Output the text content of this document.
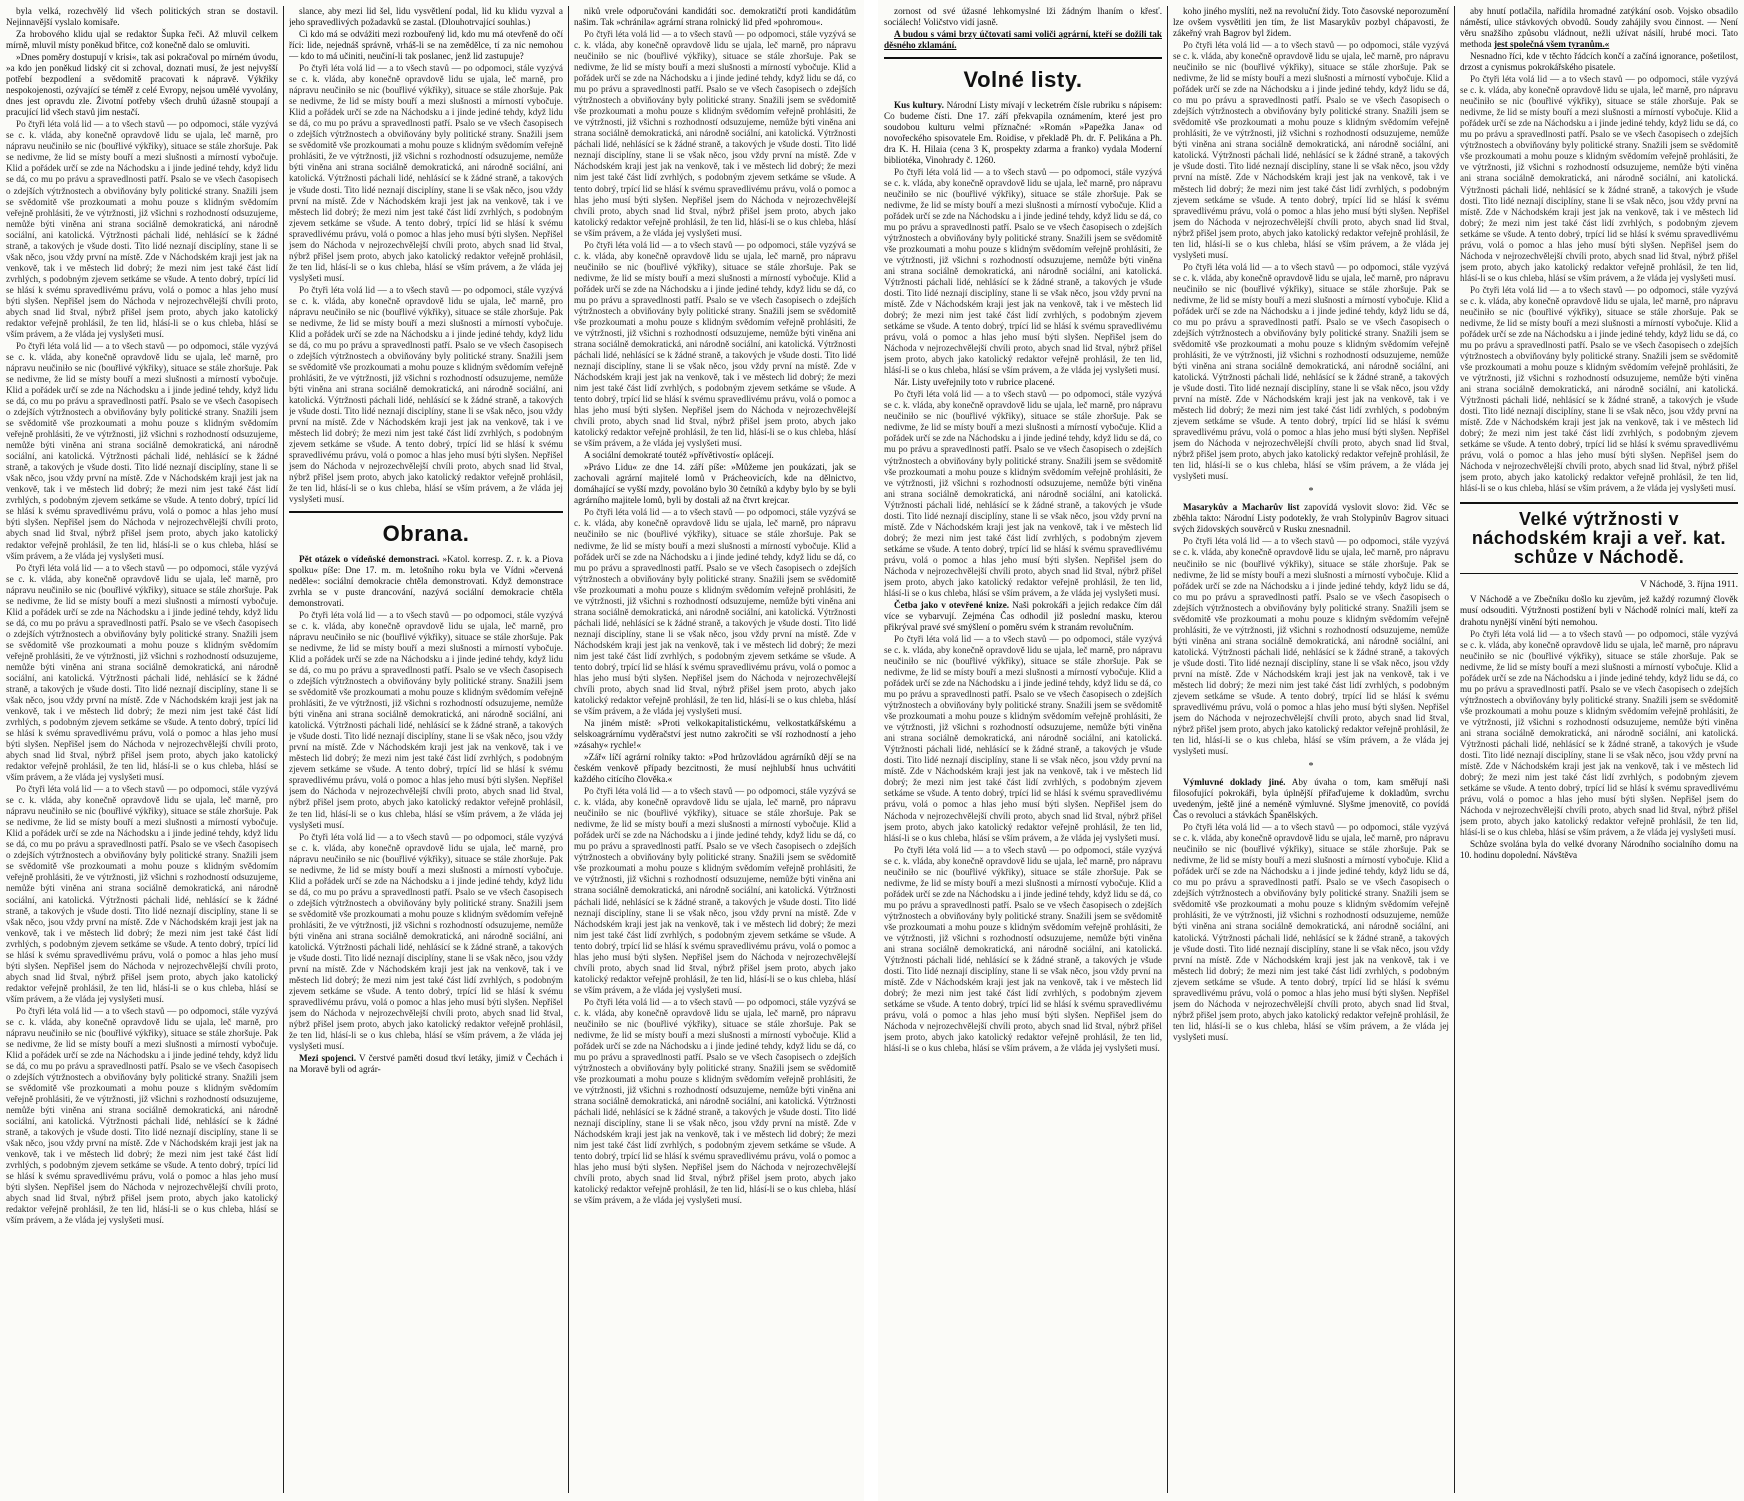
byla velká, rozechvělý lid všech politických stran se dostavil. Nejinnavější vyslalo komisaře.

Za hrobového klidu ujal se redaktor Šupka řeči. Až mluvil celkem mírně, mluvil místy poněkud břitce, což konečně dalo se omluviti.

»Dnes poměry dostupují v krisi«, tak asi pokračoval po mírném úvodu, »a kdo jen poněkud lidský cit si zchoval, doznati musí, že jest nejvyšší potřebí bezpodlení a svědomitě pracovati k nápravě. Výkřiky nespokojenosti, ozývající se téměř z celé Evropy, nejsou umělé vyvolány, dnes jest opravdu zle. Životní potřeby všech druhů úžasně stoupají a pracující lid všech stavů jim nestačí.

Po čtyři léta volá lid — a to všech stavů — po odpomoci, stále vyzývá se c. k. vláda, aby konečně opravdově lidu se ujala, leč marně, pro nápravu neučiniło se nic (bouřlivé výkřiky), situace se stále zhoršuje. Pak se nedivme, že lid se místy bouří a mezi slušnosti a mírností vybočuje. Klid a pořádek určí se zde na Náchodsku a i jinde jediné tehdy, když lidu se dá, co mu po právu a spravedlnosti patří. Psalo se ve všech časopisech o zdejších výtržnostech a obviňovány byly politické strany. Snažili jsem se svědomitě vše prozkoumati a mohu pouze s klidným svědomím veřejně prohlásiti, že ve výtržnosti, již všichni s rozhodností odsuzujeme, nemůže býti viněna ani strana sociálně demokratická, ani národně sociální, ani katolická. Výtržnosti páchali lidé, nehlásící se k žádné straně, a takových je všude dosti. Tito lidé neznají disciplíny, stane li se však něco, jsou vždy první na místě. Zde v Náchodském kraji jest jak na venkově, tak i ve městech lid dobrý; že mezi nim jest také část lidí zvrhlých, s podobným zjevem setkáme se všude. A tento dobrý, trpící lid se hlásí k svému spravedlivému právu, volá o pomoc a hlas jeho musí býti slyšen. Nepřišel jsem do Náchoda v nejrozechvělejší chvíli proto, abych snad lid štval, nýbrž přišel jsem proto, abych jako katolický redaktor veřejně prohlásil, že ten lid, hlásí-li se o kus chleba, hlásí se vším právem, a že vláda jej vyslyšeti musí.

Po čtyři léta volá lid — a to všech stavů — po odpomoci, stále vyzývá se c. k. vláda, aby konečně opravdově lidu se ujala, leč marně, pro nápravu neučiniło se nic (bouřlivé výkřiky), situace se stále zhoršuje. Pak se nedivme, že lid se místy bouří a mezi slušnosti a mírností vybočuje. Klid a pořádek určí se zde na Náchodsku a i jinde jediné tehdy, když lidu se dá, co mu po právu a spravedlnosti patří. Psalo se ve všech časopisech o zdejších výtržnostech a obviňovány byly politické strany. Snažili jsem se svědomitě vše prozkoumati a mohu pouze s klidným svědomím veřejně prohlásiti, že ve výtržnosti, již všichni s rozhodností odsuzujeme, nemůže býti viněna ani strana sociálně demokratická, ani národně sociální, ani katolická. Výtržnosti páchali lidé, nehlásící se k žádné straně, a takových je všude dosti. Tito lidé neznají disciplíny, stane li se však něco, jsou vždy první na místě. Zde v Náchodském kraji jest jak na venkově, tak i ve městech lid dobrý; že mezi nim jest také část lidí zvrhlých, s podobným zjevem setkáme se všude. A tento dobrý, trpící lid se hlásí k svému spravedlivému právu, volá o pomoc a hlas jeho musí býti slyšen. Nepřišel jsem do Náchoda v nejrozechvělejší chvíli proto, abych snad lid štval, nýbrž přišel jsem proto, abych jako katolický redaktor veřejně prohlásil, že ten lid, hlásí-li se o kus chleba, hlásí se vším právem, a že vláda jej vyslyšeti musí.

Po čtyři léta volá lid — a to všech stavů — po odpomoci, stále vyzývá se c. k. vláda, aby konečně opravdově lidu se ujala, leč marně, pro nápravu neučiniło se nic (bouřlivé výkřiky), situace se stále zhoršuje. Pak se nedivme, že lid se místy bouří a mezi slušnosti a mírností vybočuje. Klid a pořádek určí se zde na Náchodsku a i jinde jediné tehdy, když lidu se dá, co mu po právu a spravedlnosti patří. Psalo se ve všech časopisech o zdejších výtržnostech a obviňovány byly politické strany. Snažili jsem se svědomitě vše prozkoumati a mohu pouze s klidným svědomím veřejně prohlásiti, že ve výtržnosti, již všichni s rozhodností odsuzujeme, nemůže býti viněna ani strana sociálně demokratická, ani národně sociální, ani katolická. Výtržnosti páchali lidé, nehlásící se k žádné straně, a takových je všude dosti. Tito lidé neznají disciplíny, stane li se však něco, jsou vždy první na místě. Zde v Náchodském kraji jest jak na venkově, tak i ve městech lid dobrý; že mezi nim jest také část lidí zvrhlých, s podobným zjevem setkáme se všude. A tento dobrý, trpící lid se hlásí k svému spravedlivému právu, volá o pomoc a hlas jeho musí býti slyšen. Nepřišel jsem do Náchoda v nejrozechvělejší chvíli proto, abych snad lid štval, nýbrž přišel jsem proto, abych jako katolický redaktor veřejně prohlásil, že ten lid, hlásí-li se o kus chleba, hlásí se vším právem, a že vláda jej vyslyšeti musí.

Po čtyři léta volá lid — a to všech stavů — po odpomoci, stále vyzývá se c. k. vláda, aby konečně opravdově lidu se ujala, leč marně, pro nápravu neučiniło se nic (bouřlivé výkřiky), situace se stále zhoršuje. Pak se nedivme, že lid se místy bouří a mezi slušnosti a mírností vybočuje. Klid a pořádek určí se zde na Náchodsku a i jinde jediné tehdy, když lidu se dá, co mu po právu a spravedlnosti patří. Psalo se ve všech časopisech o zdejších výtržnostech a obviňovány byly politické strany. Snažili jsem se svědomitě vše prozkoumati a mohu pouze s klidným svědomím veřejně prohlásiti, že ve výtržnosti, již všichni s rozhodností odsuzujeme, nemůže býti viněna ani strana sociálně demokratická, ani národně sociální, ani katolická. Výtržnosti páchali lidé, nehlásící se k žádné straně, a takových je všude dosti. Tito lidé neznají disciplíny, stane li se však něco, jsou vždy první na místě. Zde v Náchodském kraji jest jak na venkově, tak i ve městech lid dobrý; že mezi nim jest také část lidí zvrhlých, s podobným zjevem setkáme se všude. A tento dobrý, trpící lid se hlásí k svému spravedlivému právu, volá o pomoc a hlas jeho musí býti slyšen. Nepřišel jsem do Náchoda v nejrozechvělejší chvíli proto, abych snad lid štval, nýbrž přišel jsem proto, abych jako katolický redaktor veřejně prohlásil, že ten lid, hlásí-li se o kus chleba, hlásí se vším právem, a že vláda jej vyslyšeti musí.

Po čtyři léta volá lid — a to všech stavů — po odpomoci, stále vyzývá se c. k. vláda, aby konečně opravdově lidu se ujala, leč marně, pro nápravu neučiniło se nic (bouřlivé výkřiky), situace se stále zhoršuje. Pak se nedivme, že lid se místy bouří a mezi slušnosti a mírností vybočuje. Klid a pořádek určí se zde na Náchodsku a i jinde jediné tehdy, když lidu se dá, co mu po právu a spravedlnosti patří. Psalo se ve všech časopisech o zdejších výtržnostech a obviňovány byly politické strany. Snažili jsem se svědomitě vše prozkoumati a mohu pouze s klidným svědomím veřejně prohlásiti, že ve výtržnosti, již všichni s rozhodností odsuzujeme, nemůže býti viněna ani strana sociálně demokratická, ani národně sociální, ani katolická. Výtržnosti páchali lidé, nehlásící se k žádné straně, a takových je všude dosti. Tito lidé neznají disciplíny, stane li se však něco, jsou vždy první na místě. Zde v Náchodském kraji jest jak na venkově, tak i ve městech lid dobrý; že mezi nim jest také část lidí zvrhlých, s podobným zjevem setkáme se všude. A tento dobrý, trpící lid se hlásí k svému spravedlivému právu, volá o pomoc a hlas jeho musí býti slyšen. Nepřišel jsem do Náchoda v nejrozechvělejší chvíli proto, abych snad lid štval, nýbrž přišel jsem proto, abych jako katolický redaktor veřejně prohlásil, že ten lid, hlásí-li se o kus chleba, hlásí se vším právem, a že vláda jej vyslyšeti musí.

slance, aby mezi lid šel, lidu vysvětlení podal, lid ku klidu vyzval a jeho spravedlivých požadavků se zastal. (Dlouhotrvající souhlas.)

Ci kdo má se odvážiti mezi rozbouřený lid, kdo mu má otevřeně do očí říci: lide, nejednáš správně, vrháš-li se na zemědělce, tí za nic nemohou — kdo to má učiniti, neučiní-li tak poslanec, jenž lid zastupuje?

Po čtyři léta volá lid — a to všech stavů — po odpomoci, stále vyzývá se c. k. vláda, aby konečně opravdově lidu se ujala, leč marně, pro nápravu neučiniło se nic (bouřlivé výkřiky), situace se stále zhoršuje. Pak se nedivme, že lid se místy bouří a mezi slušnosti a mírností vybočuje. Klid a pořádek určí se zde na Náchodsku a i jinde jediné tehdy, když lidu se dá, co mu po právu a spravedlnosti patří. Psalo se ve všech časopisech o zdejších výtržnostech a obviňovány byly politické strany. Snažili jsem se svědomitě vše prozkoumati a mohu pouze s klidným svědomím veřejně prohlásiti, že ve výtržnosti, již všichni s rozhodností odsuzujeme, nemůže býti viněna ani strana sociálně demokratická, ani národně sociální, ani katolická. Výtržnosti páchali lidé, nehlásící se k žádné straně, a takových je všude dosti. Tito lidé neznají disciplíny, stane li se však něco, jsou vždy první na místě. Zde v Náchodském kraji jest jak na venkově, tak i ve městech lid dobrý; že mezi nim jest také část lidí zvrhlých, s podobným zjevem setkáme se všude. A tento dobrý, trpící lid se hlásí k svému spravedlivému právu, volá o pomoc a hlas jeho musí býti slyšen. Nepřišel jsem do Náchoda v nejrozechvělejší chvíli proto, abych snad lid štval, nýbrž přišel jsem proto, abych jako katolický redaktor veřejně prohlásil, že ten lid, hlásí-li se o kus chleba, hlásí se vším právem, a že vláda jej vyslyšeti musí.

Po čtyři léta volá lid — a to všech stavů — po odpomoci, stále vyzývá se c. k. vláda, aby konečně opravdově lidu se ujala, leč marně, pro nápravu neučiniło se nic (bouřlivé výkřiky), situace se stále zhoršuje. Pak se nedivme, že lid se místy bouří a mezi slušnosti a mírností vybočuje. Klid a pořádek určí se zde na Náchodsku a i jinde jediné tehdy, když lidu se dá, co mu po právu a spravedlnosti patří. Psalo se ve všech časopisech o zdejších výtržnostech a obviňovány byly politické strany. Snažili jsem se svědomitě vše prozkoumati a mohu pouze s klidným svědomím veřejně prohlásiti, že ve výtržnosti, již všichni s rozhodností odsuzujeme, nemůže býti viněna ani strana sociálně demokratická, ani národně sociální, ani katolická. Výtržnosti páchali lidé, nehlásící se k žádné straně, a takových je všude dosti. Tito lidé neznají disciplíny, stane li se však něco, jsou vždy první na místě. Zde v Náchodském kraji jest jak na venkově, tak i ve městech lid dobrý; že mezi nim jest také část lidí zvrhlých, s podobným zjevem setkáme se všude. A tento dobrý, trpící lid se hlásí k svému spravedlivému právu, volá o pomoc a hlas jeho musí býti slyšen. Nepřišel jsem do Náchoda v nejrozechvělejší chvíli proto, abych snad lid štval, nýbrž přišel jsem proto, abych jako katolický redaktor veřejně prohlásil, že ten lid, hlásí-li se o kus chleba, hlásí se vším právem, a že vláda jej vyslyšeti musí.

Obrana.

Pět otázek o vídeňské demonstraci. »Katol. korresp. Z. r. k. a Piova spolku« píše: Dne 17. m. m. letošního roku byla ve Vídni »červená neděle«: sociální demokracie chtěla demonstrovati. Když demonstrace zvrhla se v puste drancování, nazývá sociální demokracie chtěla demonstrovati.

Po čtyři léta volá lid — a to všech stavů — po odpomoci, stále vyzývá se c. k. vláda, aby konečně opravdově lidu se ujala, leč marně, pro nápravu neučiniło se nic (bouřlivé výkřiky), situace se stále zhoršuje. Pak se nedivme, že lid se místy bouří a mezi slušnosti a mírností vybočuje. Klid a pořádek určí se zde na Náchodsku a i jinde jediné tehdy, když lidu se dá, co mu po právu a spravedlnosti patří. Psalo se ve všech časopisech o zdejších výtržnostech a obviňovány byly politické strany. Snažili jsem se svědomitě vše prozkoumati a mohu pouze s klidným svědomím veřejně prohlásiti, že ve výtržnosti, již všichni s rozhodností odsuzujeme, nemůže býti viněna ani strana sociálně demokratická, ani národně sociální, ani katolická. Výtržnosti páchali lidé, nehlásící se k žádné straně, a takových je všude dosti. Tito lidé neznají disciplíny, stane li se však něco, jsou vždy první na místě. Zde v Náchodském kraji jest jak na venkově, tak i ve městech lid dobrý; že mezi nim jest také část lidí zvrhlých, s podobným zjevem setkáme se všude. A tento dobrý, trpící lid se hlásí k svému spravedlivému právu, volá o pomoc a hlas jeho musí býti slyšen. Nepřišel jsem do Náchoda v nejrozechvělejší chvíli proto, abych snad lid štval, nýbrž přišel jsem proto, abych jako katolický redaktor veřejně prohlásil, že ten lid, hlásí-li se o kus chleba, hlásí se vším právem, a že vláda jej vyslyšeti musí.

Po čtyři léta volá lid — a to všech stavů — po odpomoci, stále vyzývá se c. k. vláda, aby konečně opravdově lidu se ujala, leč marně, pro nápravu neučiniło se nic (bouřlivé výkřiky), situace se stále zhoršuje. Pak se nedivme, že lid se místy bouří a mezi slušnosti a mírností vybočuje. Klid a pořádek určí se zde na Náchodsku a i jinde jediné tehdy, když lidu se dá, co mu po právu a spravedlnosti patří. Psalo se ve všech časopisech o zdejších výtržnostech a obviňovány byly politické strany. Snažili jsem se svědomitě vše prozkoumati a mohu pouze s klidným svědomím veřejně prohlásiti, že ve výtržnosti, již všichni s rozhodností odsuzujeme, nemůže býti viněna ani strana sociálně demokratická, ani národně sociální, ani katolická. Výtržnosti páchali lidé, nehlásící se k žádné straně, a takových je všude dosti. Tito lidé neznají disciplíny, stane li se však něco, jsou vždy první na místě. Zde v Náchodském kraji jest jak na venkově, tak i ve městech lid dobrý; že mezi nim jest také část lidí zvrhlých, s podobným zjevem setkáme se všude. A tento dobrý, trpící lid se hlásí k svému spravedlivému právu, volá o pomoc a hlas jeho musí býti slyšen. Nepřišel jsem do Náchoda v nejrozechvělejší chvíli proto, abych snad lid štval, nýbrž přišel jsem proto, abych jako katolický redaktor veřejně prohlásil, že ten lid, hlásí-li se o kus chleba, hlásí se vším právem, a že vláda jej vyslyšeti musí.

Mezi spojenci. V čerstvé paměti dosud tkví letáky, jimiž v Čechách i na Moravě byli od agrár-

niků vrele odporučováni kandidáti soc. demokratičtí proti kandidátům našim. Tak »chránila« agrární strana rolnický lid před »pohromou«.

Po čtyři léta volá lid — a to všech stavů — po odpomoci, stále vyzývá se c. k. vláda, aby konečně opravdově lidu se ujala, leč marně, pro nápravu neučiniło se nic (bouřlivé výkřiky), situace se stále zhoršuje. Pak se nedivme, že lid se místy bouří a mezi slušnosti a mírností vybočuje. Klid a pořádek určí se zde na Náchodsku a i jinde jediné tehdy, když lidu se dá, co mu po právu a spravedlnosti patří. Psalo se ve všech časopisech o zdejších výtržnostech a obviňovány byly politické strany. Snažili jsem se svědomitě vše prozkoumati a mohu pouze s klidným svědomím veřejně prohlásiti, že ve výtržnosti, již všichni s rozhodností odsuzujeme, nemůže býti viněna ani strana sociálně demokratická, ani národně sociální, ani katolická. Výtržnosti páchali lidé, nehlásící se k žádné straně, a takových je všude dosti. Tito lidé neznají disciplíny, stane li se však něco, jsou vždy první na místě. Zde v Náchodském kraji jest jak na venkově, tak i ve městech lid dobrý; že mezi nim jest také část lidí zvrhlých, s podobným zjevem setkáme se všude. A tento dobrý, trpící lid se hlásí k svému spravedlivému právu, volá o pomoc a hlas jeho musí býti slyšen. Nepřišel jsem do Náchoda v nejrozechvělejší chvíli proto, abych snad lid štval, nýbrž přišel jsem proto, abych jako katolický redaktor veřejně prohlásil, že ten lid, hlásí-li se o kus chleba, hlásí se vším právem, a že vláda jej vyslyšeti musí.

Po čtyři léta volá lid — a to všech stavů — po odpomoci, stále vyzývá se c. k. vláda, aby konečně opravdově lidu se ujala, leč marně, pro nápravu neučiniło se nic (bouřlivé výkřiky), situace se stále zhoršuje. Pak se nedivme, že lid se místy bouří a mezi slušnosti a mírností vybočuje. Klid a pořádek určí se zde na Náchodsku a i jinde jediné tehdy, když lidu se dá, co mu po právu a spravedlnosti patří. Psalo se ve všech časopisech o zdejších výtržnostech a obviňovány byly politické strany. Snažili jsem se svědomitě vše prozkoumati a mohu pouze s klidným svědomím veřejně prohlásiti, že ve výtržnosti, již všichni s rozhodností odsuzujeme, nemůže býti viněna ani strana sociálně demokratická, ani národně sociální, ani katolická. Výtržnosti páchali lidé, nehlásící se k žádné straně, a takových je všude dosti. Tito lidé neznají disciplíny, stane li se však něco, jsou vždy první na místě. Zde v Náchodském kraji jest jak na venkově, tak i ve městech lid dobrý; že mezi nim jest také část lidí zvrhlých, s podobným zjevem setkáme se všude. A tento dobrý, trpící lid se hlásí k svému spravedlivému právu, volá o pomoc a hlas jeho musí býti slyšen. Nepřišel jsem do Náchoda v nejrozechvělejší chvíli proto, abych snad lid štval, nýbrž přišel jsem proto, abych jako katolický redaktor veřejně prohlásil, že ten lid, hlásí-li se o kus chleba, hlásí se vším právem, a že vláda jej vyslyšeti musí.

A sociální demokraté toutéž »přívětivostí« oplácejí.

»Právo Lidu« ze dne 14. září píše: »Můžeme jen poukázati, jak se zachovali agrární majitelé lomů v Prácheovicích, kde na dělnictvo, domáhající se vyšší mzdy, povoláno bylo 30 četníků a kdyby bylo by se byli agrárního majitele lomů, byli by dostali až na čtvrt krejcar.

Po čtyři léta volá lid — a to všech stavů — po odpomoci, stále vyzývá se c. k. vláda, aby konečně opravdově lidu se ujala, leč marně, pro nápravu neučiniło se nic (bouřlivé výkřiky), situace se stále zhoršuje. Pak se nedivme, že lid se místy bouří a mezi slušnosti a mírností vybočuje. Klid a pořádek určí se zde na Náchodsku a i jinde jediné tehdy, když lidu se dá, co mu po právu a spravedlnosti patří. Psalo se ve všech časopisech o zdejších výtržnostech a obviňovány byly politické strany. Snažili jsem se svědomitě vše prozkoumati a mohu pouze s klidným svědomím veřejně prohlásiti, že ve výtržnosti, již všichni s rozhodností odsuzujeme, nemůže býti viněna ani strana sociálně demokratická, ani národně sociální, ani katolická. Výtržnosti páchali lidé, nehlásící se k žádné straně, a takových je všude dosti. Tito lidé neznají disciplíny, stane li se však něco, jsou vždy první na místě. Zde v Náchodském kraji jest jak na venkově, tak i ve městech lid dobrý; že mezi nim jest také část lidí zvrhlých, s podobným zjevem setkáme se všude. A tento dobrý, trpící lid se hlásí k svému spravedlivému právu, volá o pomoc a hlas jeho musí býti slyšen. Nepřišel jsem do Náchoda v nejrozechvělejší chvíli proto, abych snad lid štval, nýbrž přišel jsem proto, abych jako katolický redaktor veřejně prohlásil, že ten lid, hlásí-li se o kus chleba, hlásí se vším právem, a že vláda jej vyslyšeti musí.

Na jiném místě: »Proti velkokapitalistickému, velkostatkářskému a selskoagrárnímu vyděračství jest nutno zakročiti se vší rozhodností a jeho »zásahy« rychle!«

»Zář« líčí agrární rolníky takto: »Pod hrůzovládou agrárníků dějí se na českém venkově případy bezcitnosti, že musí nejhlubší hnus uchvátiti každého citícího člověka.«

Po čtyři léta volá lid — a to všech stavů — po odpomoci, stále vyzývá se c. k. vláda, aby konečně opravdově lidu se ujala, leč marně, pro nápravu neučiniło se nic (bouřlivé výkřiky), situace se stále zhoršuje. Pak se nedivme, že lid se místy bouří a mezi slušnosti a mírností vybočuje. Klid a pořádek určí se zde na Náchodsku a i jinde jediné tehdy, když lidu se dá, co mu po právu a spravedlnosti patří. Psalo se ve všech časopisech o zdejších výtržnostech a obviňovány byly politické strany. Snažili jsem se svědomitě vše prozkoumati a mohu pouze s klidným svědomím veřejně prohlásiti, že ve výtržnosti, již všichni s rozhodností odsuzujeme, nemůže býti viněna ani strana sociálně demokratická, ani národně sociální, ani katolická. Výtržnosti páchali lidé, nehlásící se k žádné straně, a takových je všude dosti. Tito lidé neznají disciplíny, stane li se však něco, jsou vždy první na místě. Zde v Náchodském kraji jest jak na venkově, tak i ve městech lid dobrý; že mezi nim jest také část lidí zvrhlých, s podobným zjevem setkáme se všude. A tento dobrý, trpící lid se hlásí k svému spravedlivému právu, volá o pomoc a hlas jeho musí býti slyšen. Nepřišel jsem do Náchoda v nejrozechvělejší chvíli proto, abych snad lid štval, nýbrž přišel jsem proto, abych jako katolický redaktor veřejně prohlásil, že ten lid, hlásí-li se o kus chleba, hlásí se vším právem, a že vláda jej vyslyšeti musí.

Po čtyři léta volá lid — a to všech stavů — po odpomoci, stále vyzývá se c. k. vláda, aby konečně opravdově lidu se ujala, leč marně, pro nápravu neučiniło se nic (bouřlivé výkřiky), situace se stále zhoršuje. Pak se nedivme, že lid se místy bouří a mezi slušnosti a mírností vybočuje. Klid a pořádek určí se zde na Náchodsku a i jinde jediné tehdy, když lidu se dá, co mu po právu a spravedlnosti patří. Psalo se ve všech časopisech o zdejších výtržnostech a obviňovány byly politické strany. Snažili jsem se svědomitě vše prozkoumati a mohu pouze s klidným svědomím veřejně prohlásiti, že ve výtržnosti, již všichni s rozhodností odsuzujeme, nemůže býti viněna ani strana sociálně demokratická, ani národně sociální, ani katolická. Výtržnosti páchali lidé, nehlásící se k žádné straně, a takových je všude dosti. Tito lidé neznají disciplíny, stane li se však něco, jsou vždy první na místě. Zde v Náchodském kraji jest jak na venkově, tak i ve městech lid dobrý; že mezi nim jest také část lidí zvrhlých, s podobným zjevem setkáme se všude. A tento dobrý, trpící lid se hlásí k svému spravedlivému právu, volá o pomoc a hlas jeho musí býti slyšen. Nepřišel jsem do Náchoda v nejrozechvělejší chvíli proto, abych snad lid štval, nýbrž přišel jsem proto, abych jako katolický redaktor veřejně prohlásil, že ten lid, hlásí-li se o kus chleba, hlásí se vším právem, a že vláda jej vyslyšeti musí.

zornost od své úžasné lehkomyslné lži žádným lhaním o křesť. sociálech! Voličstvo vidí jasně.

A budou s vámi brzy účtovati sami voliči agrární, kteří se dožili tak děsného zklamání.

Volné listy.

Kus kultury. Národní Listy mívají v lecketrém čísle rubriku s nápisem: Co budeme čísti. Dne 17. září překvapila oznámením, které jest pro soudobou kulturu velmi příznačné: »Román »Papežka Jana« od novořeckého spisovatele Em. Roidise, v překladě Ph. dr. F. Pelikána a Ph. dra K. H. Hilaia (cena 3 K, prospekty zdarma a franko) vydala Moderní bibliotéka, Vinohrady č. 1260.

Po čtyři léta volá lid — a to všech stavů — po odpomoci, stále vyzývá se c. k. vláda, aby konečně opravdově lidu se ujala, leč marně, pro nápravu neučiniło se nic (bouřlivé výkřiky), situace se stále zhoršuje. Pak se nedivme, že lid se místy bouří a mezi slušnosti a mírností vybočuje. Klid a pořádek určí se zde na Náchodsku a i jinde jediné tehdy, když lidu se dá, co mu po právu a spravedlnosti patří. Psalo se ve všech časopisech o zdejších výtržnostech a obviňovány byly politické strany. Snažili jsem se svědomitě vše prozkoumati a mohu pouze s klidným svědomím veřejně prohlásiti, že ve výtržnosti, již všichni s rozhodností odsuzujeme, nemůže býti viněna ani strana sociálně demokratická, ani národně sociální, ani katolická. Výtržnosti páchali lidé, nehlásící se k žádné straně, a takových je všude dosti. Tito lidé neznají disciplíny, stane li se však něco, jsou vždy první na místě. Zde v Náchodském kraji jest jak na venkově, tak i ve městech lid dobrý; že mezi nim jest také část lidí zvrhlých, s podobným zjevem setkáme se všude. A tento dobrý, trpící lid se hlásí k svému spravedlivému právu, volá o pomoc a hlas jeho musí býti slyšen. Nepřišel jsem do Náchoda v nejrozechvělejší chvíli proto, abych snad lid štval, nýbrž přišel jsem proto, abych jako katolický redaktor veřejně prohlásil, že ten lid, hlásí-li se o kus chleba, hlásí se vším právem, a že vláda jej vyslyšeti musí.

Nár. Listy uveřejnily toto v rubrice placené.

Po čtyři léta volá lid — a to všech stavů — po odpomoci, stále vyzývá se c. k. vláda, aby konečně opravdově lidu se ujala, leč marně, pro nápravu neučiniło se nic (bouřlivé výkřiky), situace se stále zhoršuje. Pak se nedivme, že lid se místy bouří a mezi slušnosti a mírností vybočuje. Klid a pořádek určí se zde na Náchodsku a i jinde jediné tehdy, když lidu se dá, co mu po právu a spravedlnosti patří. Psalo se ve všech časopisech o zdejších výtržnostech a obviňovány byly politické strany. Snažili jsem se svědomitě vše prozkoumati a mohu pouze s klidným svědomím veřejně prohlásiti, že ve výtržnosti, již všichni s rozhodností odsuzujeme, nemůže býti viněna ani strana sociálně demokratická, ani národně sociální, ani katolická. Výtržnosti páchali lidé, nehlásící se k žádné straně, a takových je všude dosti. Tito lidé neznají disciplíny, stane li se však něco, jsou vždy první na místě. Zde v Náchodském kraji jest jak na venkově, tak i ve městech lid dobrý; že mezi nim jest také část lidí zvrhlých, s podobným zjevem setkáme se všude. A tento dobrý, trpící lid se hlásí k svému spravedlivému právu, volá o pomoc a hlas jeho musí býti slyšen. Nepřišel jsem do Náchoda v nejrozechvělejší chvíli proto, abych snad lid štval, nýbrž přišel jsem proto, abych jako katolický redaktor veřejně prohlásil, že ten lid, hlásí-li se o kus chleba, hlásí se vším právem, a že vláda jej vyslyšeti musí.

Četba jako v otevřené knize. Naši pokrokáři a jejich redakce čím dál více se vybarvují. Zejména Čas odhodil již poslední masku, kterou přikrýval pravé své smýšlení o poměru svém k stranám revolučním.

Po čtyři léta volá lid — a to všech stavů — po odpomoci, stále vyzývá se c. k. vláda, aby konečně opravdově lidu se ujala, leč marně, pro nápravu neučiniło se nic (bouřlivé výkřiky), situace se stále zhoršuje. Pak se nedivme, že lid se místy bouří a mezi slušnosti a mírností vybočuje. Klid a pořádek určí se zde na Náchodsku a i jinde jediné tehdy, když lidu se dá, co mu po právu a spravedlnosti patří. Psalo se ve všech časopisech o zdejších výtržnostech a obviňovány byly politické strany. Snažili jsem se svědomitě vše prozkoumati a mohu pouze s klidným svědomím veřejně prohlásiti, že ve výtržnosti, již všichni s rozhodností odsuzujeme, nemůže býti viněna ani strana sociálně demokratická, ani národně sociální, ani katolická. Výtržnosti páchali lidé, nehlásící se k žádné straně, a takových je všude dosti. Tito lidé neznají disciplíny, stane li se však něco, jsou vždy první na místě. Zde v Náchodském kraji jest jak na venkově, tak i ve městech lid dobrý; že mezi nim jest také část lidí zvrhlých, s podobným zjevem setkáme se všude. A tento dobrý, trpící lid se hlásí k svému spravedlivému právu, volá o pomoc a hlas jeho musí býti slyšen. Nepřišel jsem do Náchoda v nejrozechvělejší chvíli proto, abych snad lid štval, nýbrž přišel jsem proto, abych jako katolický redaktor veřejně prohlásil, že ten lid, hlásí-li se o kus chleba, hlásí se vším právem, a že vláda jej vyslyšeti musí.

Po čtyři léta volá lid — a to všech stavů — po odpomoci, stále vyzývá se c. k. vláda, aby konečně opravdově lidu se ujala, leč marně, pro nápravu neučiniło se nic (bouřlivé výkřiky), situace se stále zhoršuje. Pak se nedivme, že lid se místy bouří a mezi slušnosti a mírností vybočuje. Klid a pořádek určí se zde na Náchodsku a i jinde jediné tehdy, když lidu se dá, co mu po právu a spravedlnosti patří. Psalo se ve všech časopisech o zdejších výtržnostech a obviňovány byly politické strany. Snažili jsem se svědomitě vše prozkoumati a mohu pouze s klidným svědomím veřejně prohlásiti, že ve výtržnosti, již všichni s rozhodností odsuzujeme, nemůže býti viněna ani strana sociálně demokratická, ani národně sociální, ani katolická. Výtržnosti páchali lidé, nehlásící se k žádné straně, a takových je všude dosti. Tito lidé neznají disciplíny, stane li se však něco, jsou vždy první na místě. Zde v Náchodském kraji jest jak na venkově, tak i ve městech lid dobrý; že mezi nim jest také část lidí zvrhlých, s podobným zjevem setkáme se všude. A tento dobrý, trpící lid se hlásí k svému spravedlivému právu, volá o pomoc a hlas jeho musí býti slyšen. Nepřišel jsem do Náchoda v nejrozechvělejší chvíli proto, abych snad lid štval, nýbrž přišel jsem proto, abych jako katolický redaktor veřejně prohlásil, že ten lid, hlásí-li se o kus chleba, hlásí se vším právem, a že vláda jej vyslyšeti musí.

koho jiného myslíti, než na revoluční židy. Toto časovské neporozumění lze ovšem vysvětliti jen tím, že list Masarykův pozbyl chápavosti, že zákeřný vrah Bagrov byl židem.

Po čtyři léta volá lid — a to všech stavů — po odpomoci, stále vyzývá se c. k. vláda, aby konečně opravdově lidu se ujala, leč marně, pro nápravu neučiniło se nic (bouřlivé výkřiky), situace se stále zhoršuje. Pak se nedivme, že lid se místy bouří a mezi slušnosti a mírností vybočuje. Klid a pořádek určí se zde na Náchodsku a i jinde jediné tehdy, když lidu se dá, co mu po právu a spravedlnosti patří. Psalo se ve všech časopisech o zdejších výtržnostech a obviňovány byly politické strany. Snažili jsem se svědomitě vše prozkoumati a mohu pouze s klidným svědomím veřejně prohlásiti, že ve výtržnosti, již všichni s rozhodností odsuzujeme, nemůže býti viněna ani strana sociálně demokratická, ani národně sociální, ani katolická. Výtržnosti páchali lidé, nehlásící se k žádné straně, a takových je všude dosti. Tito lidé neznají disciplíny, stane li se však něco, jsou vždy první na místě. Zde v Náchodském kraji jest jak na venkově, tak i ve městech lid dobrý; že mezi nim jest také část lidí zvrhlých, s podobným zjevem setkáme se všude. A tento dobrý, trpící lid se hlásí k svému spravedlivému právu, volá o pomoc a hlas jeho musí býti slyšen. Nepřišel jsem do Náchoda v nejrozechvělejší chvíli proto, abych snad lid štval, nýbrž přišel jsem proto, abych jako katolický redaktor veřejně prohlásil, že ten lid, hlásí-li se o kus chleba, hlásí se vším právem, a že vláda jej vyslyšeti musí.

Po čtyři léta volá lid — a to všech stavů — po odpomoci, stále vyzývá se c. k. vláda, aby konečně opravdově lidu se ujala, leč marně, pro nápravu neučiniło se nic (bouřlivé výkřiky), situace se stále zhoršuje. Pak se nedivme, že lid se místy bouří a mezi slušnosti a mírností vybočuje. Klid a pořádek určí se zde na Náchodsku a i jinde jediné tehdy, když lidu se dá, co mu po právu a spravedlnosti patří. Psalo se ve všech časopisech o zdejších výtržnostech a obviňovány byly politické strany. Snažili jsem se svědomitě vše prozkoumati a mohu pouze s klidným svědomím veřejně prohlásiti, že ve výtržnosti, již všichni s rozhodností odsuzujeme, nemůže býti viněna ani strana sociálně demokratická, ani národně sociální, ani katolická. Výtržnosti páchali lidé, nehlásící se k žádné straně, a takových je všude dosti. Tito lidé neznají disciplíny, stane li se však něco, jsou vždy první na místě. Zde v Náchodském kraji jest jak na venkově, tak i ve městech lid dobrý; že mezi nim jest také část lidí zvrhlých, s podobným zjevem setkáme se všude. A tento dobrý, trpící lid se hlásí k svému spravedlivému právu, volá o pomoc a hlas jeho musí býti slyšen. Nepřišel jsem do Náchoda v nejrozechvělejší chvíli proto, abych snad lid štval, nýbrž přišel jsem proto, abych jako katolický redaktor veřejně prohlásil, že ten lid, hlásí-li se o kus chleba, hlásí se vším právem, a že vláda jej vyslyšeti musí.

*

Masarykův a Macharův list zapovídá vyslovit slovo: žid. Věc se zběhla takto: Národní Listy podotekly, že vrah Stolypinův Bagrov situaci svých židovských souvěrců v Rusku znesnadnil.

Po čtyři léta volá lid — a to všech stavů — po odpomoci, stále vyzývá se c. k. vláda, aby konečně opravdově lidu se ujala, leč marně, pro nápravu neučiniło se nic (bouřlivé výkřiky), situace se stále zhoršuje. Pak se nedivme, že lid se místy bouří a mezi slušnosti a mírností vybočuje. Klid a pořádek určí se zde na Náchodsku a i jinde jediné tehdy, když lidu se dá, co mu po právu a spravedlnosti patří. Psalo se ve všech časopisech o zdejších výtržnostech a obviňovány byly politické strany. Snažili jsem se svědomitě vše prozkoumati a mohu pouze s klidným svědomím veřejně prohlásiti, že ve výtržnosti, již všichni s rozhodností odsuzujeme, nemůže býti viněna ani strana sociálně demokratická, ani národně sociální, ani katolická. Výtržnosti páchali lidé, nehlásící se k žádné straně, a takových je všude dosti. Tito lidé neznají disciplíny, stane li se však něco, jsou vždy první na místě. Zde v Náchodském kraji jest jak na venkově, tak i ve městech lid dobrý; že mezi nim jest také část lidí zvrhlých, s podobným zjevem setkáme se všude. A tento dobrý, trpící lid se hlásí k svému spravedlivému právu, volá o pomoc a hlas jeho musí býti slyšen. Nepřišel jsem do Náchoda v nejrozechvělejší chvíli proto, abych snad lid štval, nýbrž přišel jsem proto, abych jako katolický redaktor veřejně prohlásil, že ten lid, hlásí-li se o kus chleba, hlásí se vším právem, a že vláda jej vyslyšeti musí.

*

Výmluvné doklady jiné. Aby úvaha o tom, kam směřují naši filosofující pokrokáři, byla úplnější přiřaďujeme k dokladům, svrchu uvedeným, ještě jiné a neméně výmluvné. Slyšme jmenovitě, co povídá Čas o revoluci a stávkách Španělských.

Po čtyři léta volá lid — a to všech stavů — po odpomoci, stále vyzývá se c. k. vláda, aby konečně opravdově lidu se ujala, leč marně, pro nápravu neučiniło se nic (bouřlivé výkřiky), situace se stále zhoršuje. Pak se nedivme, že lid se místy bouří a mezi slušnosti a mírností vybočuje. Klid a pořádek určí se zde na Náchodsku a i jinde jediné tehdy, když lidu se dá, co mu po právu a spravedlnosti patří. Psalo se ve všech časopisech o zdejších výtržnostech a obviňovány byly politické strany. Snažili jsem se svědomitě vše prozkoumati a mohu pouze s klidným svědomím veřejně prohlásiti, že ve výtržnosti, již všichni s rozhodností odsuzujeme, nemůže býti viněna ani strana sociálně demokratická, ani národně sociální, ani katolická. Výtržnosti páchali lidé, nehlásící se k žádné straně, a takových je všude dosti. Tito lidé neznají disciplíny, stane li se však něco, jsou vždy první na místě. Zde v Náchodském kraji jest jak na venkově, tak i ve městech lid dobrý; že mezi nim jest také část lidí zvrhlých, s podobným zjevem setkáme se všude. A tento dobrý, trpící lid se hlásí k svému spravedlivému právu, volá o pomoc a hlas jeho musí býti slyšen. Nepřišel jsem do Náchoda v nejrozechvělejší chvíli proto, abych snad lid štval, nýbrž přišel jsem proto, abych jako katolický redaktor veřejně prohlásil, že ten lid, hlásí-li se o kus chleba, hlásí se vším právem, a že vláda jej vyslyšeti musí.

aby hnutí potlačila, nařídila hromadné zatýkání osob. Vojsko obsadilo náměstí, ulice stávkových obvodů. Soudy zahájily svou činnost. — Není věru snažšího způsobu vládnout, nežli užívat násilí, hrubé moci. Tato methoda jest společná všem tyranům.«

Nesnadno říci, kde v těchto řádcích končí a začíná ignorance, pošetilost, drzost a cynismus pokrokářského pisatele.

Po čtyři léta volá lid — a to všech stavů — po odpomoci, stále vyzývá se c. k. vláda, aby konečně opravdově lidu se ujala, leč marně, pro nápravu neučiniło se nic (bouřlivé výkřiky), situace se stále zhoršuje. Pak se nedivme, že lid se místy bouří a mezi slušnosti a mírností vybočuje. Klid a pořádek určí se zde na Náchodsku a i jinde jediné tehdy, když lidu se dá, co mu po právu a spravedlnosti patří. Psalo se ve všech časopisech o zdejších výtržnostech a obviňovány byly politické strany. Snažili jsem se svědomitě vše prozkoumati a mohu pouze s klidným svědomím veřejně prohlásiti, že ve výtržnosti, již všichni s rozhodností odsuzujeme, nemůže býti viněna ani strana sociálně demokratická, ani národně sociální, ani katolická. Výtržnosti páchali lidé, nehlásící se k žádné straně, a takových je všude dosti. Tito lidé neznají disciplíny, stane li se však něco, jsou vždy první na místě. Zde v Náchodském kraji jest jak na venkově, tak i ve městech lid dobrý; že mezi nim jest také část lidí zvrhlých, s podobným zjevem setkáme se všude. A tento dobrý, trpící lid se hlásí k svému spravedlivému právu, volá o pomoc a hlas jeho musí býti slyšen. Nepřišel jsem do Náchoda v nejrozechvělejší chvíli proto, abych snad lid štval, nýbrž přišel jsem proto, abych jako katolický redaktor veřejně prohlásil, že ten lid, hlásí-li se o kus chleba, hlásí se vším právem, a že vláda jej vyslyšeti musí.

Po čtyři léta volá lid — a to všech stavů — po odpomoci, stále vyzývá se c. k. vláda, aby konečně opravdově lidu se ujala, leč marně, pro nápravu neučiniło se nic (bouřlivé výkřiky), situace se stále zhoršuje. Pak se nedivme, že lid se místy bouří a mezi slušnosti a mírností vybočuje. Klid a pořádek určí se zde na Náchodsku a i jinde jediné tehdy, když lidu se dá, co mu po právu a spravedlnosti patří. Psalo se ve všech časopisech o zdejších výtržnostech a obviňovány byly politické strany. Snažili jsem se svědomitě vše prozkoumati a mohu pouze s klidným svědomím veřejně prohlásiti, že ve výtržnosti, již všichni s rozhodností odsuzujeme, nemůže býti viněna ani strana sociálně demokratická, ani národně sociální, ani katolická. Výtržnosti páchali lidé, nehlásící se k žádné straně, a takových je všude dosti. Tito lidé neznají disciplíny, stane li se však něco, jsou vždy první na místě. Zde v Náchodském kraji jest jak na venkově, tak i ve městech lid dobrý; že mezi nim jest také část lidí zvrhlých, s podobným zjevem setkáme se všude. A tento dobrý, trpící lid se hlásí k svému spravedlivému právu, volá o pomoc a hlas jeho musí býti slyšen. Nepřišel jsem do Náchoda v nejrozechvělejší chvíli proto, abych snad lid štval, nýbrž přišel jsem proto, abych jako katolický redaktor veřejně prohlásil, že ten lid, hlásí-li se o kus chleba, hlásí se vším právem, a že vláda jej vyslyšeti musí.

Velké výtržnosti v náchodském kraji a veř. kat. schůze v Náchodě.
V Náchodě, 3. října 1911.

V Náchodě a ve Zbečníku došlo ku zjevům, jež každý rozumný člověk musí odsouditi. Výtržnosti postižení byli v Náchodě rolníci malí, kteří za drahotu nynější vinění býti nemohou.

Po čtyři léta volá lid — a to všech stavů — po odpomoci, stále vyzývá se c. k. vláda, aby konečně opravdově lidu se ujala, leč marně, pro nápravu neučiniło se nic (bouřlivé výkřiky), situace se stále zhoršuje. Pak se nedivme, že lid se místy bouří a mezi slušnosti a mírností vybočuje. Klid a pořádek určí se zde na Náchodsku a i jinde jediné tehdy, když lidu se dá, co mu po právu a spravedlnosti patří. Psalo se ve všech časopisech o zdejších výtržnostech a obviňovány byly politické strany. Snažili jsem se svědomitě vše prozkoumati a mohu pouze s klidným svědomím veřejně prohlásiti, že ve výtržnosti, již všichni s rozhodností odsuzujeme, nemůže býti viněna ani strana sociálně demokratická, ani národně sociální, ani katolická. Výtržnosti páchali lidé, nehlásící se k žádné straně, a takových je všude dosti. Tito lidé neznají disciplíny, stane li se však něco, jsou vždy první na místě. Zde v Náchodském kraji jest jak na venkově, tak i ve městech lid dobrý; že mezi nim jest také část lidí zvrhlých, s podobným zjevem setkáme se všude. A tento dobrý, trpící lid se hlásí k svému spravedlivému právu, volá o pomoc a hlas jeho musí býti slyšen. Nepřišel jsem do Náchoda v nejrozechvělejší chvíli proto, abych snad lid štval, nýbrž přišel jsem proto, abych jako katolický redaktor veřejně prohlásil, že ten lid, hlásí-li se o kus chleba, hlásí se vším právem, a že vláda jej vyslyšeti musí.

Schůze svolána byla do velké dvorany Národního socialního domu na 10. hodinu dopolední. Návštěva
